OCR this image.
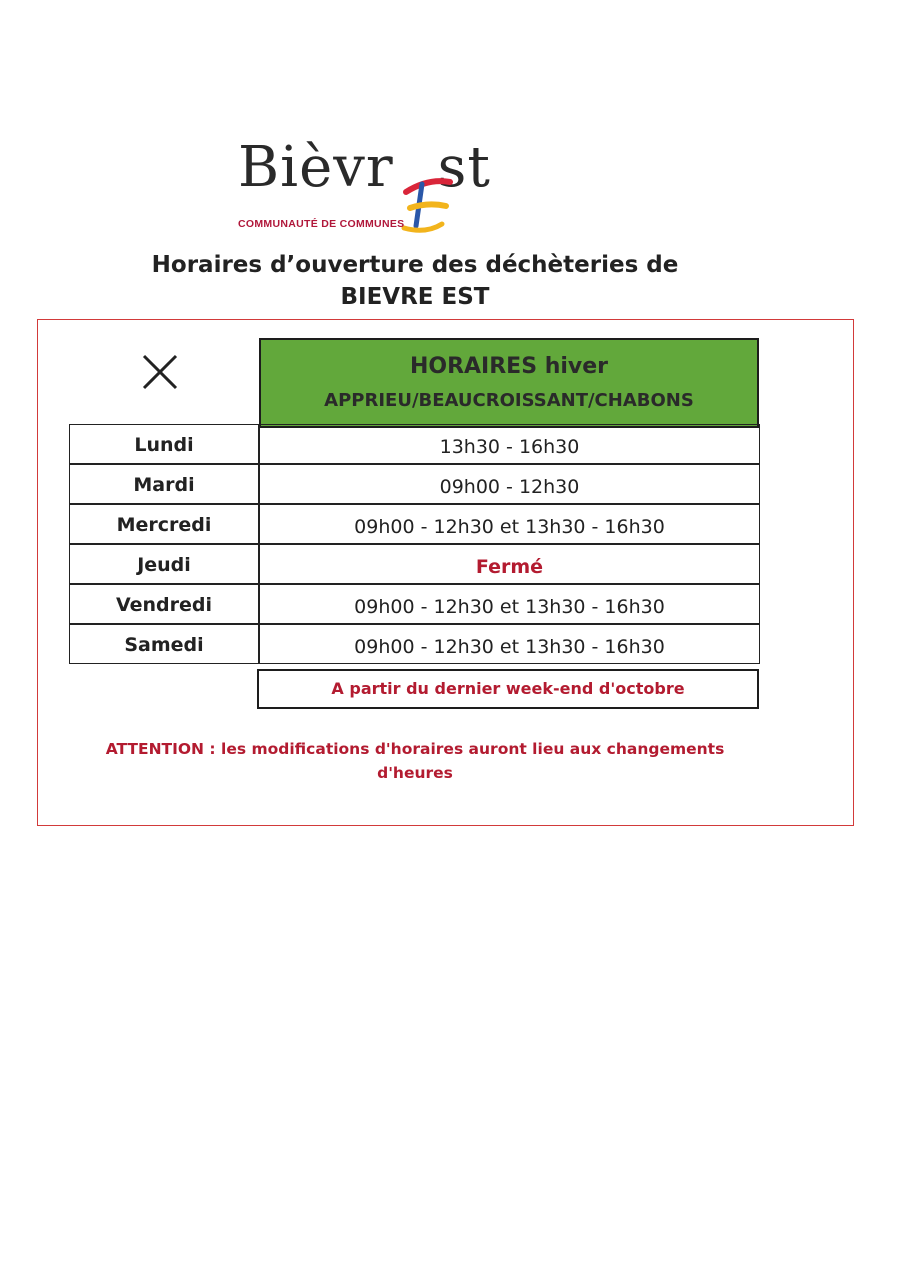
Bièvr st
COMMUNAUTÉ DE COMMUNES
Horaires d’ouverture des déchèteries de
BIEVRE EST
HORAIRES hiver
APPRIEU/BEAUCROISSANT/CHABONS
Lundi	13h30 - 16h30
Mardi	09h00 - 12h30
Mercredi	09h00 - 12h30 et 13h30 - 16h30
Jeudi	Fermé
Vendredi	09h00 - 12h30 et 13h30 - 16h30
Samedi	09h00 - 12h30 et 13h30 - 16h30
A partir du dernier week-end d'octobre
ATTENTION : les modifications d'horaires auront lieu aux changements d'heures
